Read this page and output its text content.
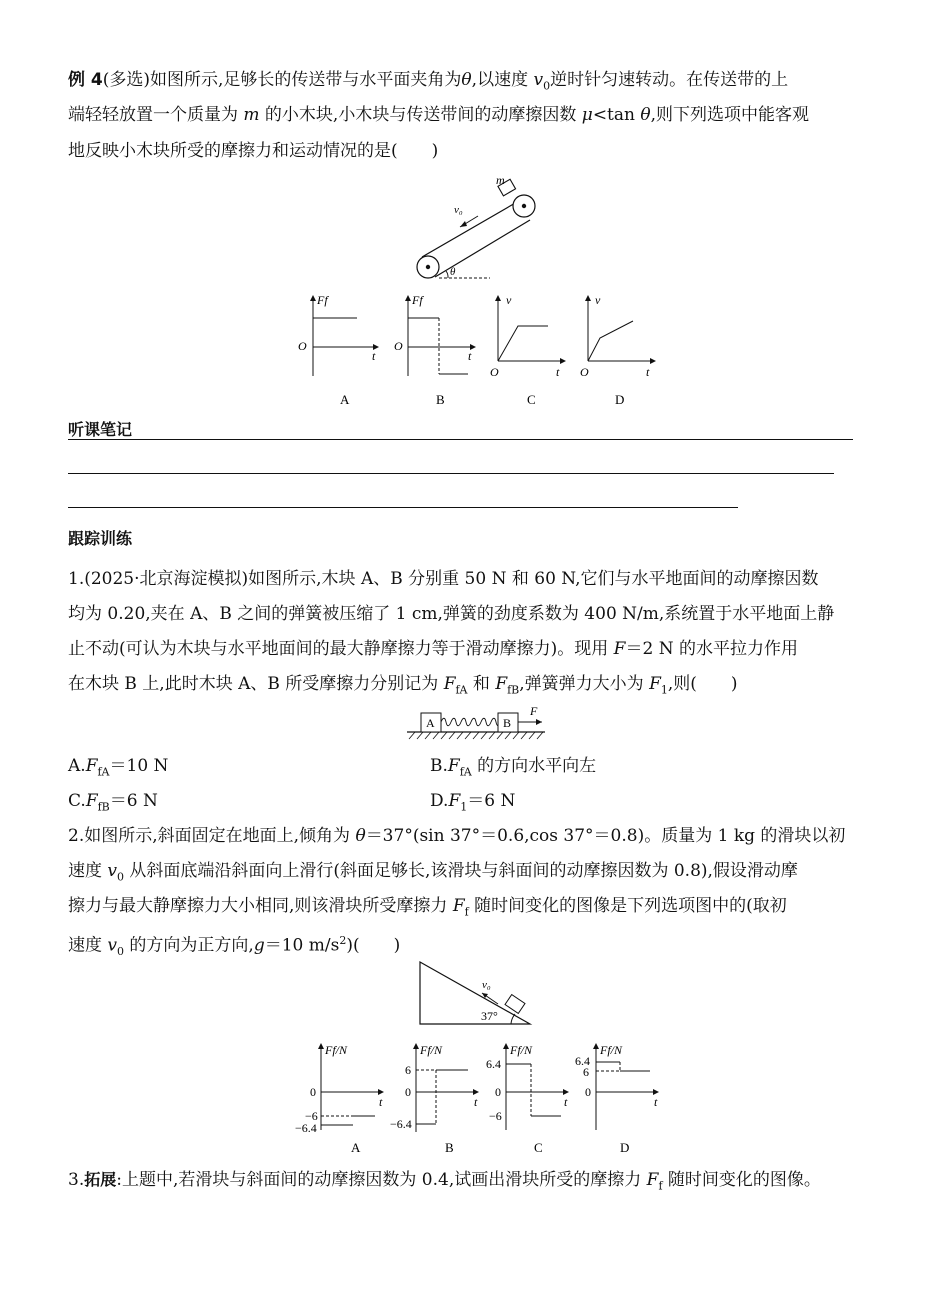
例 4(多选)如图所示,足够长的传送带与水平面夹角为θ,以速度 $v_0$逆时针匀速转动。在传送带的上
端轻轻放置一个质量为 m 的小木块,小木块与传送带间的动摩擦因数 μ<tan θ,则下列选项中能客观
地反映小木块所受的摩擦力和运动情况的是(　　)
m
v₀
θ
Ff
O
t
Ff
O
t
v
O	t
v
O	t
A	B	C	D
听课笔记
跟踪训练
1.(2025·北京海淀模拟)如图所示,木块 A、B 分别重 50 N 和 60 N,它们与水平地面间的动摩擦因数
均为 0.20,夹在 A、B 之间的弹簧被压缩了 1 cm,弹簧的劲度系数为 400 N/m,系统置于水平地面上静
止不动(可认为木块与水平地面间的最大静摩擦力等于滑动摩擦力)。现用 F＝2 N 的水平拉力作用
在木块 B 上,此时木块 A、B 所受摩擦力分别记为 $F_{fA}$ 和 $F_{fB}$,弹簧弹力大小为 $F_1$,则(　　)
A	B
F
$A.F_{fA}=10$ N	$B.F_{fA}$ 的方向水平向左
$C.F_{fB}=6$ N	$D.F_1=6$ N
2.如图所示,斜面固定在地面上,倾角为 θ＝37°(sin 37°＝0.6,cos 37°＝0.8)。质量为 1 kg 的滑块以初
速度 $v_0$ 从斜面底端沿斜面向上滑行(斜面足够长,该滑块与斜面间的动摩擦因数为 0.8),假设滑动摩
擦力与最大静摩擦力大小相同,则该滑块所受摩擦力 $F_f$ 随时间变化的图像是下列选项图中的(取初
速度 $v_0$ 的方向为正方向,g＝10 $m/s^2$)(　　)
v₀
37°
Ff/N
0
−6
−6.4
t
Ff/N
6
0
−6.4
t
Ff/N
6.4
0
−6
t
Ff/N
6.4
6
0
t
A	B	C	D
3.拓展:上题中,若滑块与斜面间的动摩擦因数为 0.4,试画出滑块所受的摩擦力 $F_f$ 随时间变化的图像。
